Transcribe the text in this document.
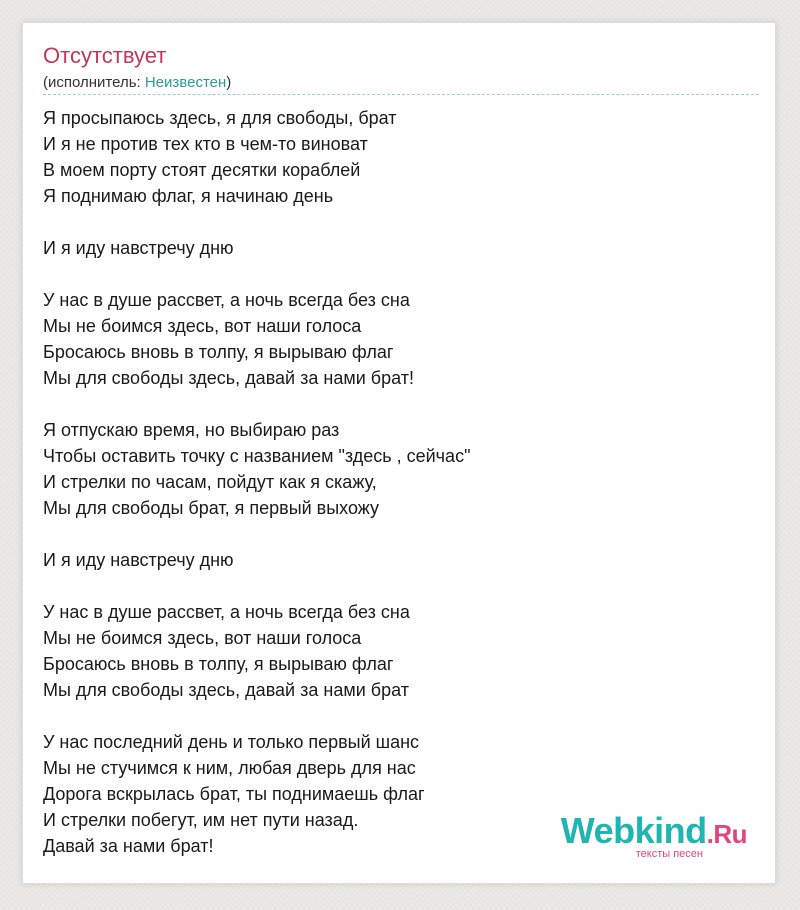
Отсутствует
(исполнитель: Неизвестен)
Я просыпаюсь здесь, я для свободы, брат
И я не против тех кто в чем-то виноват
В моем порту стоят десятки кораблей
Я поднимаю флаг, я начинаю день
И я иду навстречу дню
У нас в душе рассвет, а ночь всегда без сна
Мы не боимся здесь, вот наши голоса
Бросаюсь вновь в толпу, я вырываю флаг
Мы для свободы здесь, давай за нами брат!
Я отпускаю время, но выбираю раз
Чтобы оставить точку с названием "здесь , сейчас"
И стрелки по часам, пойдут как я скажу,
Мы для свободы брат, я первый выхожу
И я иду навстречу дню
У нас в душе рассвет, а ночь всегда без сна
Мы не боимся здесь, вот наши голоса
Бросаюсь вновь в толпу, я вырываю флаг
Мы для свободы здесь, давай за нами брат
У нас последний день и только первый шанс
Мы не стучимся к ним, любая дверь для нас
Дорога вскрылась брат, ты поднимаешь флаг
И стрелки побегут, им нет пути назад.
Давай за нами брат!	Webkind.Ru
тексты песен
